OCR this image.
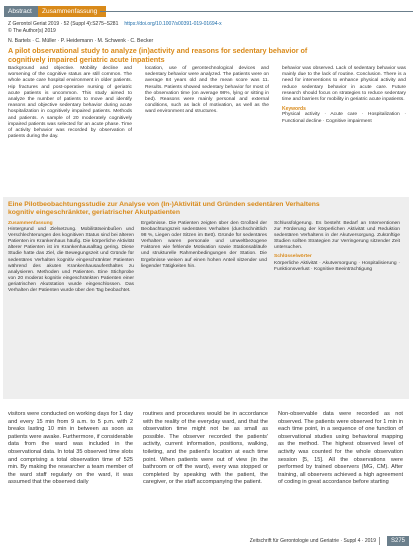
Abstract	Zusammenfassung
Z Gerontol Geriat 2019 · 52 (Suppl 4):S275–S281 https://doi.org/10.1007/s00391-019-01694-x
© The Author(s) 2019
N. Bartels · C. Müller · P. Heidemann · M. Schwenk · C. Becker
A pilot observational study to analyze (in)activity and reasons for sedentary behavior of cognitively impaired geriatric acute inpatients
Background and objective. Mobility decline and worsening of the cognitive status are still common. The whole acute care hospital environment in older patients. Hip fractures and post-operative nursing of geriatric acute patients is uncommon. This study aimed to analyze the number of patients to move and identify reasons and objective sedentary behavior during acute hospitalization in cognitively impaired patients. Methods and patients. A sample of 20 moderately cognitively impaired patients was selected for an acute phase. Time of activity behavior was recorded by observation of patients during the day.
location, use of gerontechnological devices and sedentary behavior were analyzed. The patients were on average 84 years old and the mean score was 11. Results. Patients showed sedentary behavior for most of the observation time (on average 98%, lying or sitting in bed). Reasons were mainly personal and external conditions, such as lack of motivation, as well as the ward environment and structures.
behavior was observed. Lack of sedentary behavior was mainly due to the lack of routine. Conclusion. There is a need for interventions to enhance physical activity and reduce sedentary behavior in acute care. Future research should focus on strategies to reduce sedentary time and barriers for mobility in geriatric acute inpatients.
Keywords
Physical activity · Acute care · Hospitalization · Functional decline · Cognitive impairment
Eine Pilotbeobachtungsstudie zur Analyse von (In-)Aktivität und Gründen sedentären Verhaltens kognitiv eingeschränkter, geriatrischer Akutpatienten
Zusammenfassung
Hintergrund und Zielsetzung. Mobilitätseinbußen und Verschlechterungen des kognitiven Status sind bei älteren Patienten im Krankenhaus häufig. Die körperliche Aktivität älterer Patienten ist im Krankenhausalltag gering. Diese Studie hatte das Ziel, die Bewegungszeit und Gründe für sedentäres Verhalten kognitiv eingeschränkter Patienten während des akuten Krankenhausaufenthaltes zu analysieren. Methoden und Patienten. Eine Stichprobe von 20 moderat kognitiv eingeschränkten Patienten einer geriatrischen Akutstation wurde eingeschlossen. Das Verhalten der Patienten wurde über den Tag beobachtet.
Ergebnisse. Die Patienten zeigten über den Großteil der Beobachtungszeit sedentäres Verhalten (durchschnittlich 98 %, Liegen oder Sitzen im Bett). Gründe für sedentäres Verhalten waren personale und umweltbezogene Faktoren wie fehlende Motivation sowie Stationsabläufe und strukturelle Rahmenbedingungen der Station. Die Ergebnisse weisen auf einen hohen Anteil sitzender und liegender Tätigkeiten hin.
Schlussfolgerung. Es besteht Bedarf an Interventionen zur Förderung der körperlichen Aktivität und Reduktion sedentären Verhaltens in der Akutversorgung. Zukünftige Studien sollten Strategien zur Verringerung sitzender Zeit untersuchen.
Schlüsselwörter
Körperliche Aktivität · Akutversorgung · Hospitalisierung · Funktionsverlust · Kognitive Beeinträchtigung
visitors were conducted on working days for 1 day and every 15 min from 9 a.m. to 5 p.m. with 2 breaks lasting 10 min in between as soon as patients were awake. Furthermore, if considerable data from the ward was included in the observational data. In total 35 observed time slots and comprising a total observation time of 525 min. By making the researcher a team member of the ward staff regularly on the ward, it was assumed that the observed daily
routines and procedures would be in accordance with the reality of the everyday ward, and that the observation time might not be as small as possible. The observer recorded the patients' activity, current information, positions, walking, toileting, and the patient's location at each time point. When patients were out of view (in the bathroom or off the ward), every was stopped or completed by speaking with the patient, the caregiver, or the staff accompanying the patient.
Non-observable data were recorded as not observed. The patients were observed for 1 min in each time point, in a sequence of one function of observational studies using behavioral mapping as the method. The highest observed level of activity was counted for the whole observation session [5, 15]. All the observations were performed by trained observers (MG, CM). After training, all observers achieved a high agreement of coding in great accordance before starting
Zeitschrift für Gerontologie und Geriatrie · Suppl 4 · 2019	S275
